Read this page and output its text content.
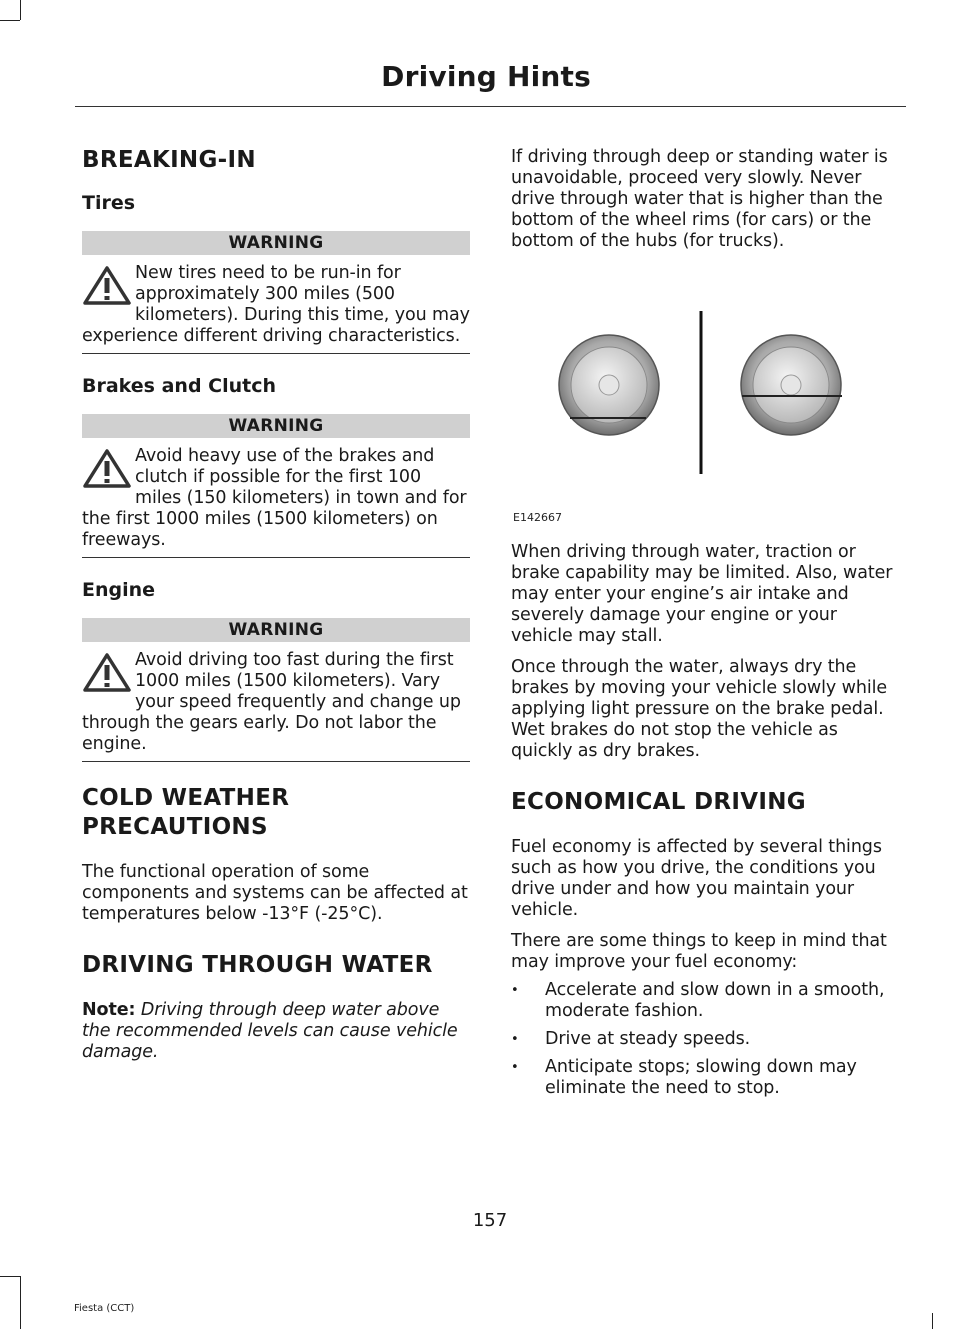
Driving Hints
BREAKING-IN
Tires
WARNING

New tires need to be run-in for approximately 300 miles (500 kilometers). During this time, you may experience different driving characteristics.

Brakes and Clutch
WARNING

Avoid heavy use of the brakes and clutch if possible for the first 100 miles (150 kilometers) in town and for the first 1000 miles (1500 kilometers) on freeways.

Engine
WARNING

Avoid driving too fast during the first 1000 miles (1500 kilometers). Vary your speed frequently and change up through the gears early. Do not labor the engine.

COLD WEATHER PRECAUTIONS

The functional operation of some components and systems can be affected at temperatures below -13°F (-25°C).

DRIVING THROUGH WATER

Note: Driving through deep water above the recommended levels can cause vehicle damage.

If driving through deep or standing water is unavoidable, proceed very slowly. Never drive through water that is higher than the bottom of the wheel rims (for cars) or the bottom of the hubs (for trucks).

E142667

When driving through water, traction or brake capability may be limited. Also, water may enter your engine’s air intake and severely damage your engine or your vehicle may stall.

Once through the water, always dry the brakes by moving your vehicle slowly while applying light pressure on the brake pedal. Wet brakes do not stop the vehicle as quickly as dry brakes.

ECONOMICAL DRIVING

Fuel economy is affected by several things such as how you drive, the conditions you drive under and how you maintain your vehicle.

There are some things to keep in mind that may improve your fuel economy:

• Accelerate and slow down in a smooth, moderate fashion.
• Drive at steady speeds.
• Anticipate stops; slowing down may eliminate the need to stop.
157
Fiesta (CCT)
